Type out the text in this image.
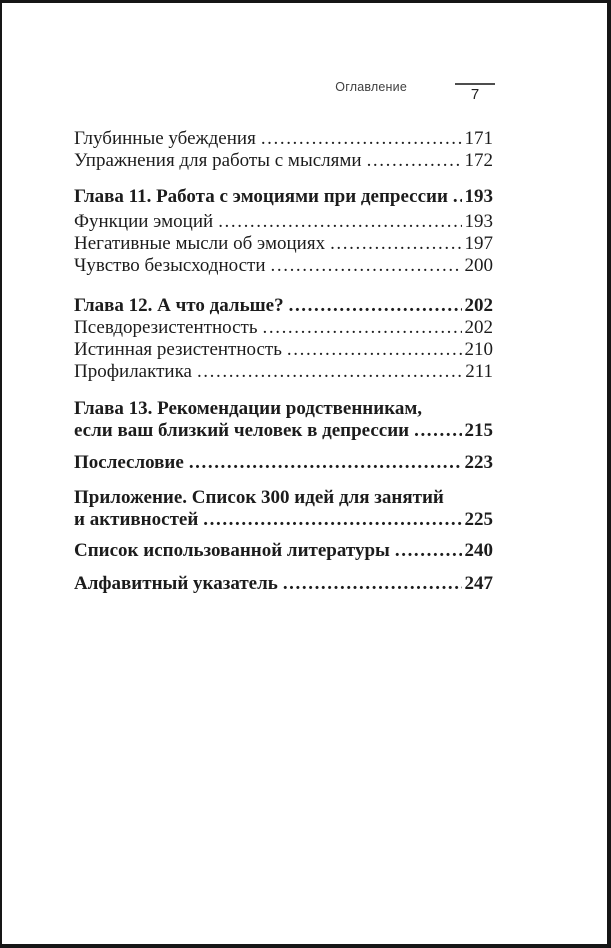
Оглавление	7
Глубинные убеждения .....	171
Упражнения для работы с мыслями .....	172
Глава 11. Работа с эмоциями при депрессии ..... 193
Функции эмоций .....	193
Негативные мысли об эмоциях .....	197
Чувство безысходности .....	200
Глава 12. А что дальше? .....	202
Псевдорезистентность .....	202
Истинная резистентность .....	210
Профилактика .....	211
Глава 13. Рекомендации родственникам,
если ваш близкий человек в депрессии .....	215
Послесловие .....	223
Приложение. Список 300 идей для занятий
и активностей .....	225
Список использованной литературы .....	240
Алфавитный указатель .....	247
